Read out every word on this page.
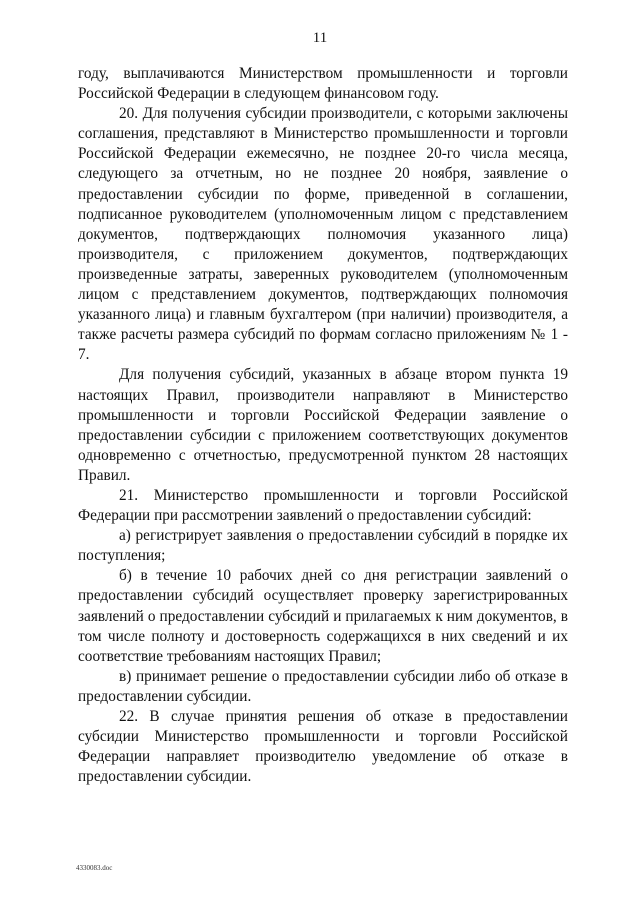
11

году, выплачиваются Министерством промышленности и торговли Российской Федерации в следующем финансовом году.

20. Для получения субсидии производители, с которыми заключены соглашения, представляют в Министерство промышленности и торговли Российской Федерации ежемесячно, не позднее 20-го числа месяца, следующего за отчетным, но не позднее 20 ноября, заявление о предоставлении субсидии по форме, приведенной в соглашении, подписанное руководителем (уполномоченным лицом с представлением документов, подтверждающих полномочия указанного лица) производителя, с приложением документов, подтверждающих произведенные затраты, заверенных руководителем (уполномоченным лицом с представлением документов, подтверждающих полномочия указанного лица) и главным бухгалтером (при наличии) производителя, а также расчеты размера субсидий по формам согласно приложениям № 1 - 7.

Для получения субсидий, указанных в абзаце втором пункта 19 настоящих Правил, производители направляют в Министерство промышленности и торговли Российской Федерации заявление о предоставлении субсидии с приложением соответствующих документов одновременно с отчетностью, предусмотренной пунктом 28 настоящих Правил.

21. Министерство промышленности и торговли Российской Федерации при рассмотрении заявлений о предоставлении субсидий:

а) регистрирует заявления о предоставлении субсидий в порядке их поступления;

б) в течение 10 рабочих дней со дня регистрации заявлений о предоставлении субсидий осуществляет проверку зарегистрированных заявлений о предоставлении субсидий и прилагаемых к ним документов, в том числе полноту и достоверность содержащихся в них сведений и их соответствие требованиям настоящих Правил;

в) принимает решение о предоставлении субсидии либо об отказе в предоставлении субсидии.

22. В случае принятия решения об отказе в предоставлении субсидии Министерство промышленности и торговли Российской Федерации направляет производителю уведомление об отказе в предоставлении субсидии.

4330083.doc
